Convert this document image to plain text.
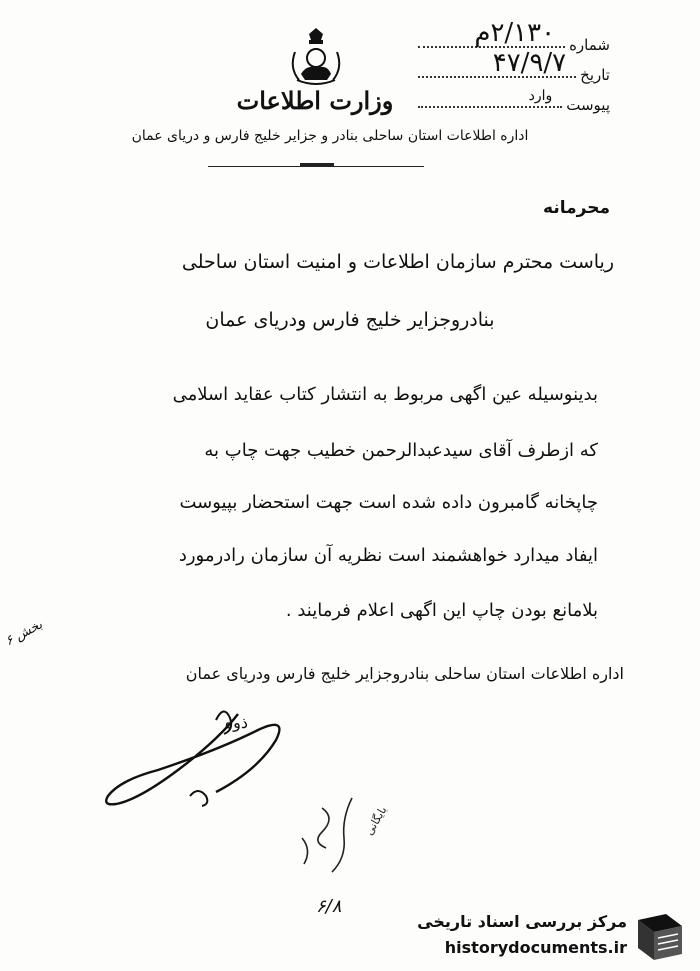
شماره
۲/۱۳۰م
تاریخ
۴۷/۹/۷
پیوست
وارد
وزارت اطلاعات
اداره اطلاعات استان ساحلی بنادر و جزایر خلیج فارس و دریای عمان
محرمانه
ریاست محترم سازمان اطلاعات و امنیت استان ساحلی
بنادروجزایر خلیج فارس ودریای عمان
بدینوسیله عین اگهی مربوط به انتشار کتاب عقاید اسلامی
که ازطرف آقای سیدعبدالرحمن خطیب جهت چاپ به
چاپخانه گامبرون داده شده است جهت استحضار بپیوست
ایفاد میدارد خواهشمند است نظریه آن سازمان رادرمورد
بلامانع بودن چاپ این اگهی اعلام فرمایند .
اداره اطلاعات استان ساحلی بنادروجزایر خلیج فارس ودریای عمان
بخش ۶
ذوه
بایگانی
۶/۸
مرکز بررسی اسناد تاریخی
historydocuments.ir
